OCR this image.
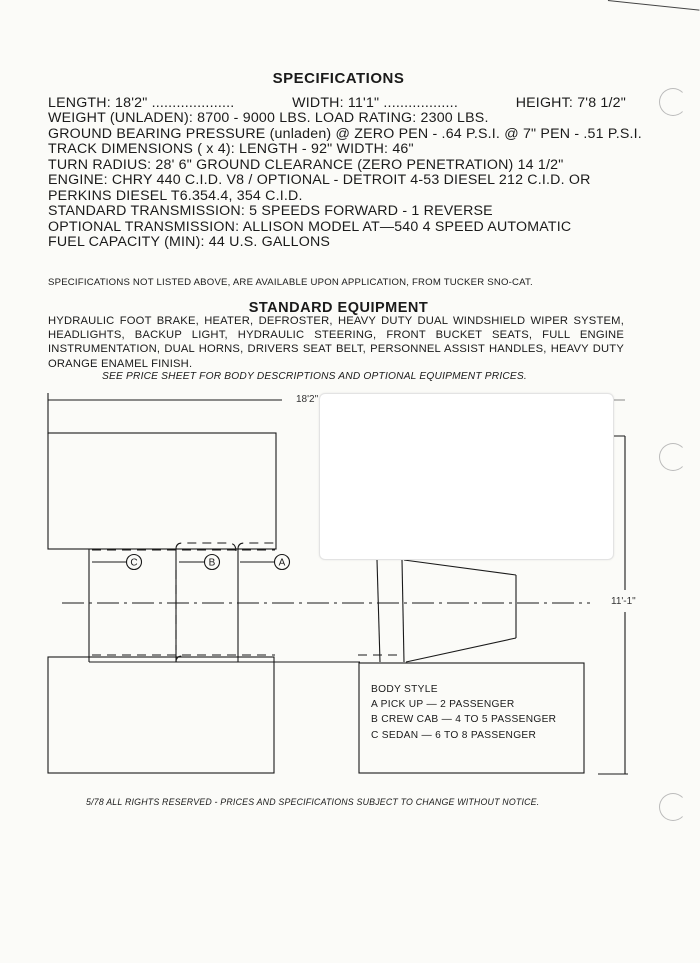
SPECIFICATIONS
LENGTH: 18'2" ....................	WIDTH: 11'1" ..................	HEIGHT: 7'8 1/2"
WEIGHT (UNLADEN): 8700 - 9000 LBS. LOAD RATING: 2300 LBS.
GROUND BEARING PRESSURE (unladen) @ ZERO PEN - .64 P.S.I. @ 7" PEN - .51 P.S.I.
TRACK DIMENSIONS ( x 4): LENGTH - 92" WIDTH: 46"
TURN RADIUS: 28' 6" GROUND CLEARANCE (ZERO PENETRATION) 14 1/2"
ENGINE: CHRY 440 C.I.D. V8 / OPTIONAL - DETROIT 4-53 DIESEL 212 C.I.D. OR
PERKINS DIESEL T6.354.4, 354 C.I.D.
STANDARD TRANSMISSION: 5 SPEEDS FORWARD - 1 REVERSE
OPTIONAL TRANSMISSION: ALLISON MODEL AT—540 4 SPEED AUTOMATIC
FUEL CAPACITY (MIN): 44 U.S. GALLONS
SPECIFICATIONS NOT LISTED ABOVE, ARE AVAILABLE UPON APPLICATION, FROM TUCKER SNO-CAT.
STANDARD EQUIPMENT
HYDRAULIC FOOT BRAKE, HEATER, DEFROSTER, HEAVY DUTY DUAL WINDSHIELD WIPER SYSTEM, HEADLIGHTS, BACKUP LIGHT, HYDRAULIC STEERING, FRONT BUCKET SEATS, FULL ENGINE INSTRUMENTATION, DUAL HORNS, DRIVERS SEAT BELT, PERSONNEL ASSIST HANDLES, HEAVY DUTY ORANGE ENAMEL FINISH.
SEE PRICE SHEET FOR BODY DESCRIPTIONS AND OPTIONAL EQUIPMENT PRICES.
C	B	A
18'2"
11'-1"
BODY STYLE
A PICK UP — 2 PASSENGER
B CREW CAB — 4 TO 5 PASSENGER
C SEDAN — 6 TO 8 PASSENGER
5/78 ALL RIGHTS RESERVED - PRICES AND SPECIFICATIONS SUBJECT TO CHANGE WITHOUT NOTICE.
